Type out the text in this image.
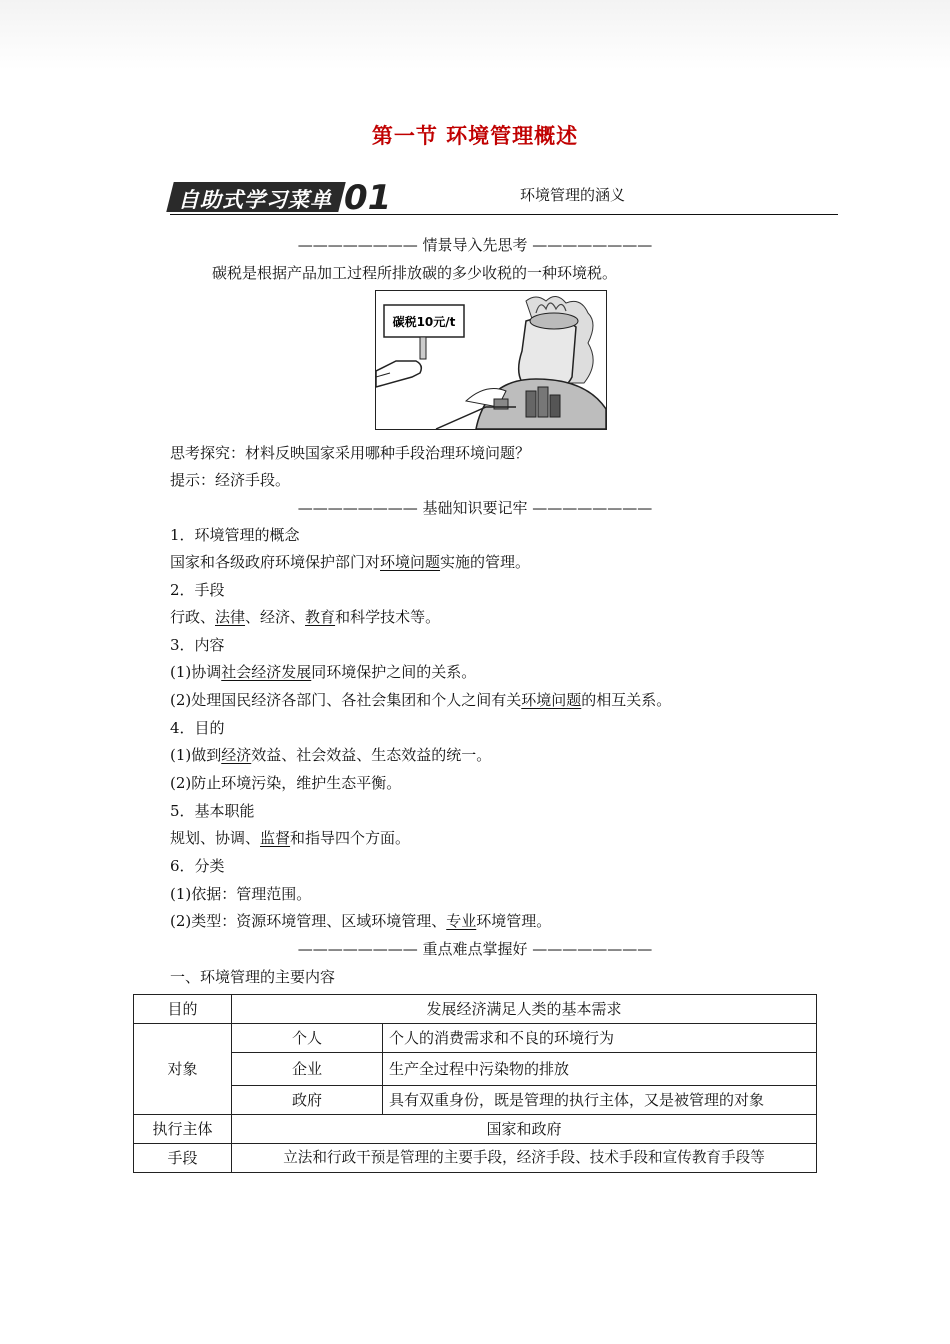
第一节 环境管理概述
自助式学习菜单 01	环境管理的涵义
———————— 情景导入先思考 ————————
碳税是根据产品加工过程所排放碳的多少收税的一种环境税。
碳税10元/t
思考探究：材料反映国家采用哪种手段治理环境问题？
提示：经济手段。
———————— 基础知识要记牢 ————————
1．环境管理的概念
国家和各级政府环境保护部门对环境问题实施的管理。
2．手段
行政、法律、经济、教育和科学技术等。
3．内容
(1)协调社会经济发展同环境保护之间的关系。
(2)处理国民经济各部门、各社会集团和个人之间有关环境问题的相互关系。
4．目的
(1)做到经济效益、社会效益、生态效益的统一。
(2)防止环境污染，维护生态平衡。
5．基本职能
规划、协调、监督和指导四个方面。
6．分类
(1)依据：管理范围。
(2)类型：资源环境管理、区域环境管理、专业环境管理。
———————— 重点难点掌握好 ————————
一、环境管理的主要内容
目的	发展经济满足人类的基本需求	
对象	个人	个人的消费需求和不良的环境行为
	企业	生产全过程中污染物的排放
	政府	具有双重身份，既是管理的执行主体，又是被管理的对象
执行主体	国家和政府	
手段	立法和行政干预是管理的主要手段，经济手段、技术手段和宣传教育手段等	
